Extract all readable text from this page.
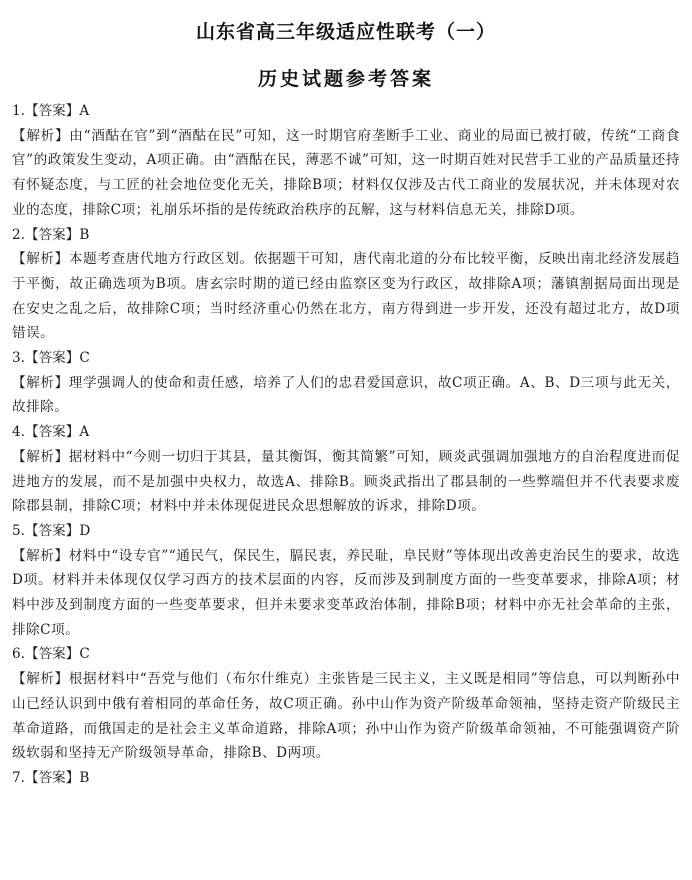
山东省高三年级适应性联考（一）
历史试题参考答案
1.【答案】A
【解析】由“酒酤在官”到“酒酤在民”可知，这一时期官府垄断手工业、商业的局面已被打破，传统“工商食官”的政策发生变动，A项正确。由“酒酤在民，薄恶不诚”可知，这一时期百姓对民营手工业的产品质量还持有怀疑态度，与工匠的社会地位变化无关，排除B项；材料仅仅涉及古代工商业的发展状况，并未体现对农业的态度，排除C项；礼崩乐坏指的是传统政治秩序的瓦解，这与材料信息无关，排除D项。
2.【答案】B
【解析】本题考查唐代地方行政区划。依据题干可知，唐代南北道的分布比较平衡，反映出南北经济发展趋于平衡，故正确选项为B项。唐玄宗时期的道已经由监察区变为行政区，故排除A项；藩镇割据局面出现是在安史之乱之后，故排除C项；当时经济重心仍然在北方，南方得到进一步开发，还没有超过北方，故D项错误。
3.【答案】C
【解析】理学强调人的使命和责任感，培养了人们的忠君爱国意识，故C项正确。A、B、D三项与此无关，故排除。
4.【答案】A
【解析】据材料中“今则一切归于其县，量其衡饵，衡其简繁”可知，顾炎武强调加强地方的自治程度进而促进地方的发展，而不是加强中央权力，故选A、排除B。顾炎武指出了郡县制的一些弊端但并不代表要求废除郡县制，排除C项；材料中并未体现促进民众思想解放的诉求，排除D项。
5.【答案】D
【解析】材料中“设专官”“通民气，保民生，膈民衷，养民耻，阜民财”等体现出改善吏治民生的要求，故选D项。材料并未体现仅仅学习西方的技术层面的内容，反而涉及到制度方面的一些变革要求，排除A项；材料中涉及到制度方面的一些变革要求，但并未要求变革政治体制，排除B项；材料中亦无社会革命的主张，排除C项。
6.【答案】C
【解析】根据材料中“吾党与他们（布尔什维克）主张皆是三民主义，主义既是相同”等信息，可以判断孙中山已经认识到中俄有着相同的革命任务，故C项正确。孙中山作为资产阶级革命领袖，坚持走资产阶级民主革命道路，而俄国走的是社会主义革命道路，排除A项；孙中山作为资产阶级革命领袖，不可能强调资产阶级软弱和坚持无产阶级领导革命，排除B、D两项。
7.【答案】B
